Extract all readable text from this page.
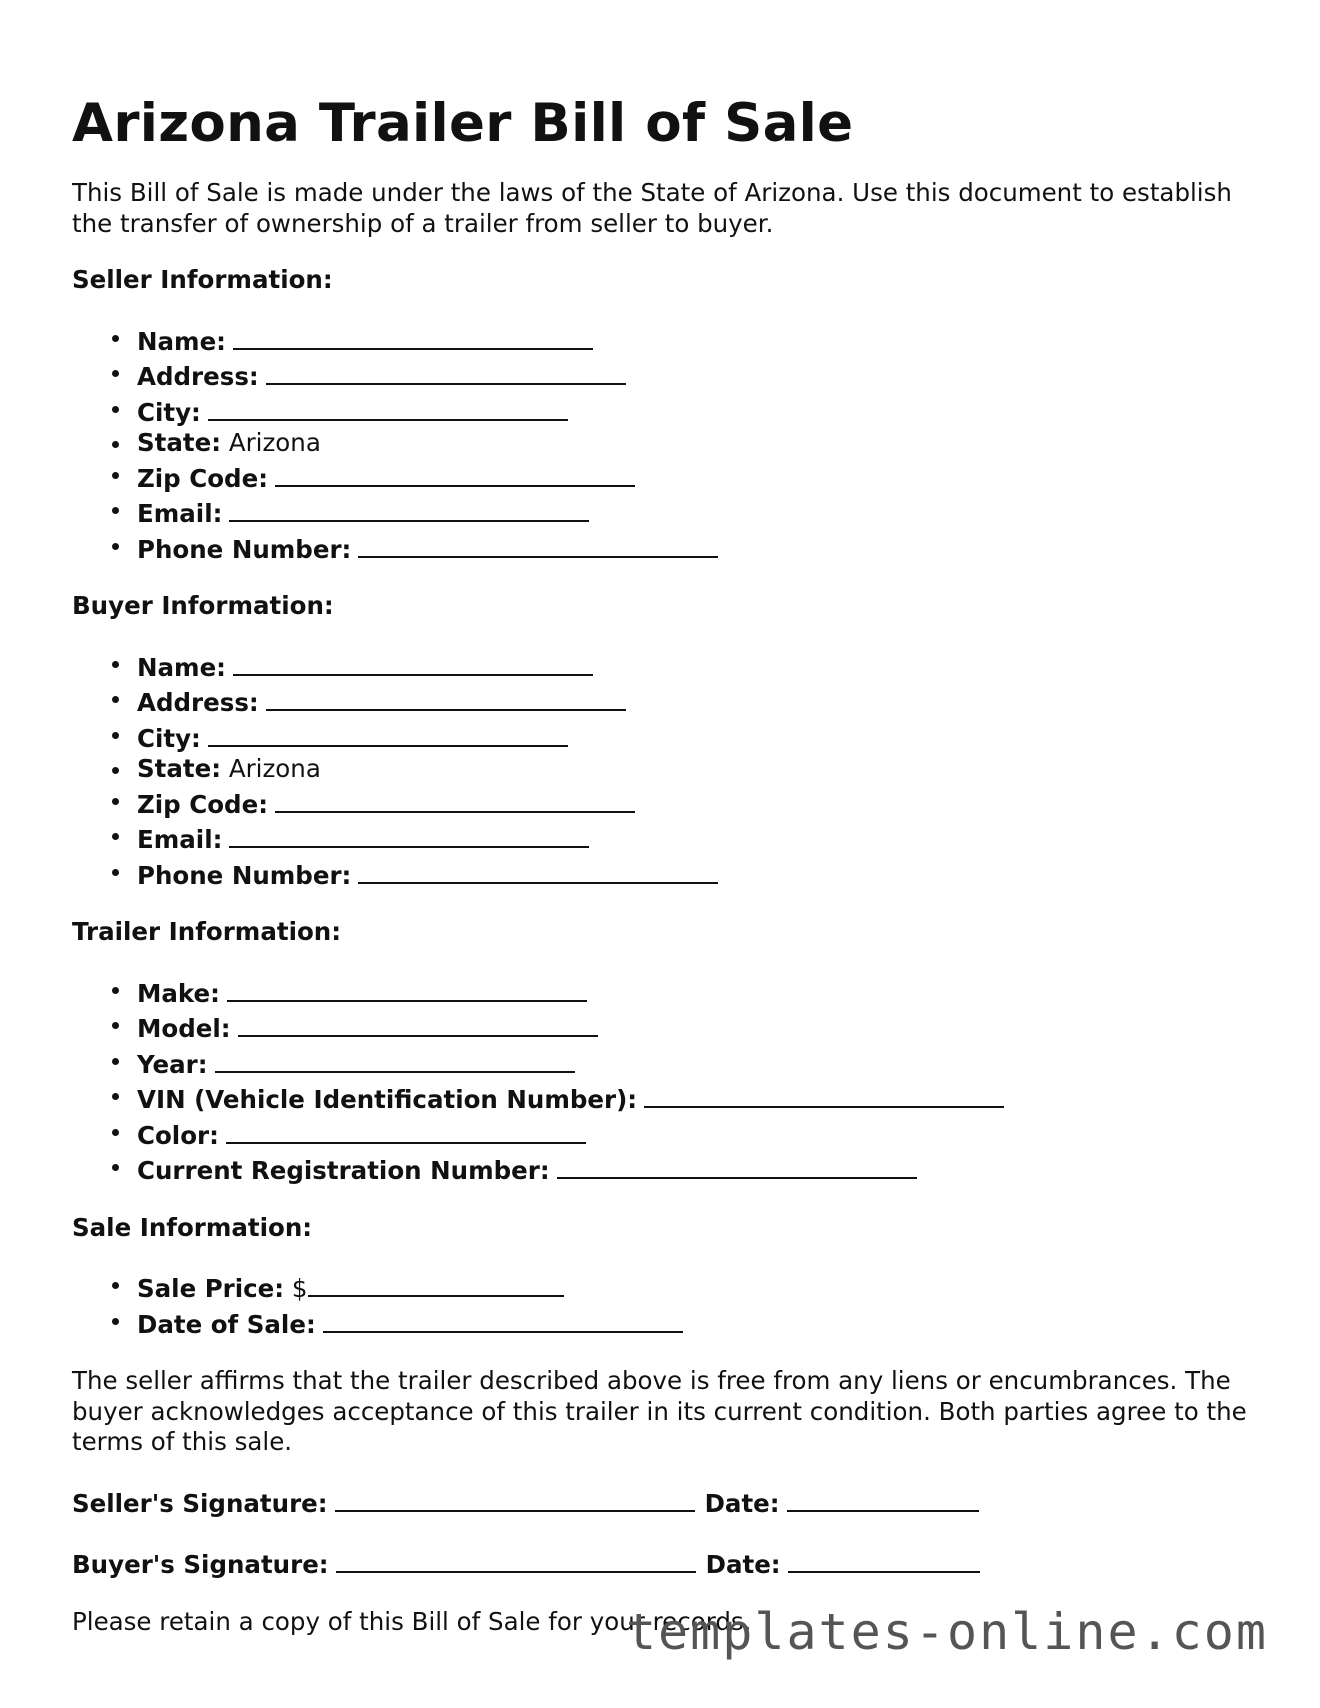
Arizona Trailer Bill of Sale

This Bill of Sale is made under the laws of the State of Arizona. Use this document to establish the transfer of ownership of a trailer from seller to buyer.

Seller Information:
Name:
Address:
City:
State: Arizona
Zip Code:
Email:
Phone Number:
Buyer Information:
Name:
Address:
City:
State: Arizona
Zip Code:
Email:
Phone Number:
Trailer Information:
Make:
Model:
Year:
VIN (Vehicle Identification Number):
Color:
Current Registration Number:
Sale Information:
Sale Price: $
Date of Sale:

The seller affirms that the trailer described above is free from any liens or encumbrances. The buyer acknowledges acceptance of this trailer in its current condition. Both parties agree to the terms of this sale.

Seller's Signature:	Date:
Buyer's Signature:	Date:

Please retain a copy of this Bill of Sale for your records.

templates-online.com
